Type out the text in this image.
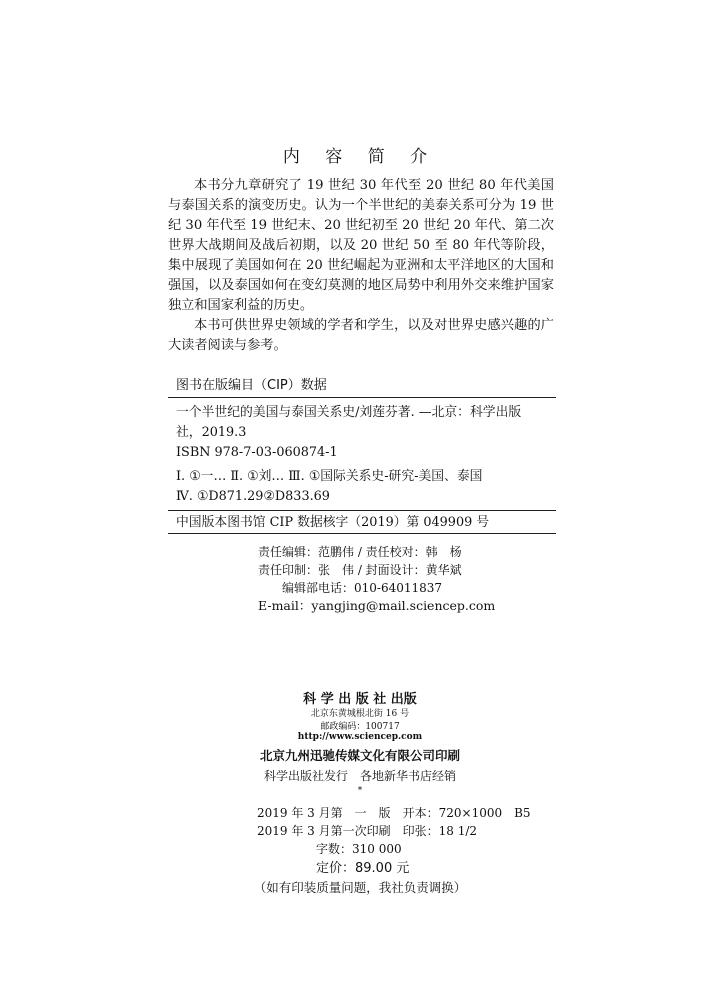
内 容 简 介

本书分九章研究了 19 世纪 30 年代至 20 世纪 80 年代美国与泰国关系的演变历史。认为一个半世纪的美泰关系可分为 19 世纪 30 年代至 19 世纪末、20 世纪初至 20 世纪 20 年代、第二次世界大战期间及战后初期，以及 20 世纪 50 至 80 年代等阶段，集中展现了美国如何在 20 世纪崛起为亚洲和太平洋地区的大国和强国，以及泰国如何在变幻莫测的地区局势中利用外交来维护国家独立和国家利益的历史。

本书可供世界史领域的学者和学生，以及对世界史感兴趣的广大读者阅读与参考。

图书在版编目（CIP）数据
一个半世纪的美国与泰国关系史/刘莲芬著. —北京：科学出版
社，2019.3
ISBN 978-7-03-060874-1
Ⅰ. ①一… Ⅱ. ①刘… Ⅲ. ①国际关系史-研究-美国、泰国
Ⅳ. ①D871.29②D833.69
中国版本图书馆 CIP 数据核字（2019）第 049909 号
责任编辑：范鹏伟 / 责任校对：韩　杨
责任印制：张　伟 / 封面设计：黄华斌
编辑部电话：010-64011837
E-mail：yangjing@mail.sciencep.com
科 学 出 版 社 出版
北京东黄城根北街 16 号
邮政编码：100717
http://www.sciencep.com
北京九州迅驰传媒文化有限公司印刷
科学出版社发行　各地新华书店经销
*
2019 年 3 月第　一　版　开本：720×1000　B5
2019 年 3 月第一次印刷　印张：18 1/2
字数：310 000
定价：89.00 元
（如有印装质量问题，我社负责调换）
